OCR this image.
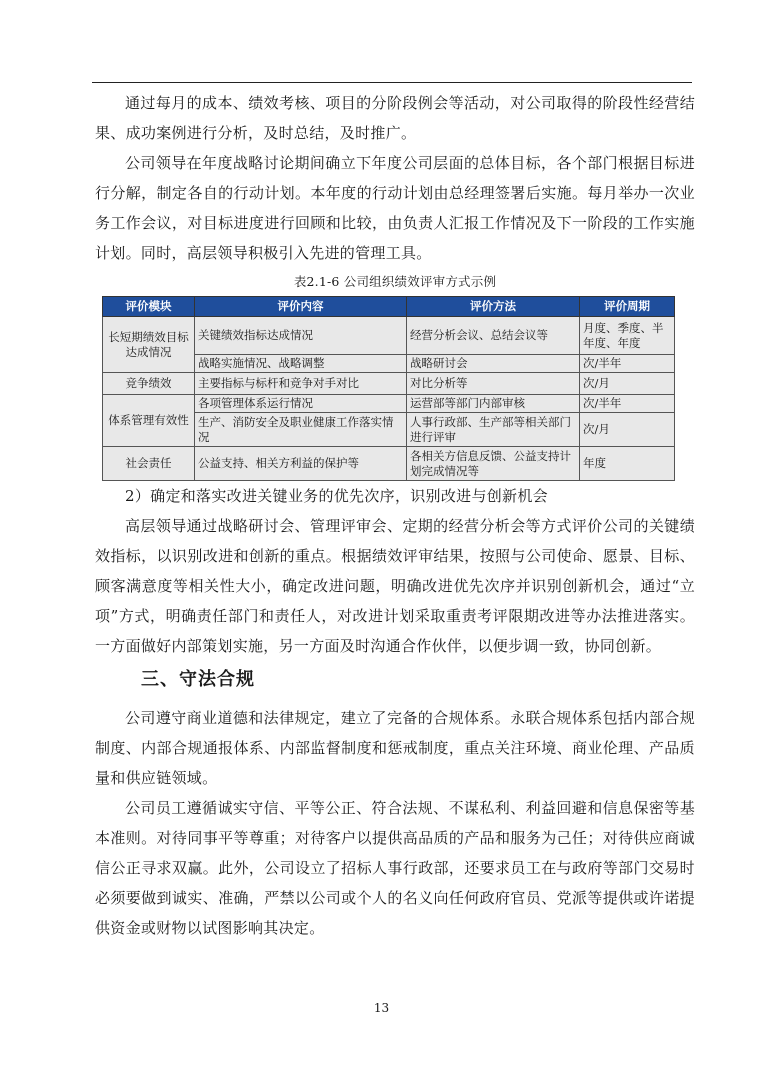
通过每月的成本、绩效考核、项目的分阶段例会等活动，对公司取得的阶段性经营结果、成功案例进行分析，及时总结，及时推广。

公司领导在年度战略讨论期间确立下年度公司层面的总体目标，各个部门根据目标进行分解，制定各自的行动计划。本年度的行动计划由总经理签署后实施。每月举办一次业务工作会议，对目标进度进行回顾和比较，由负责人汇报工作情况及下一阶段的工作实施计划。同时，高层领导积极引入先进的管理工具。

表2.1-6 公司组织绩效评审方式示例
评价模块	评价内容	评价方法	评价周期
长短期绩效目标达成情况	关键绩效指标达成情况	经营分析会议、总结会议等	月度、季度、半年度、年度
	战略实施情况、战略调整	战略研讨会	次/半年
竞争绩效	主要指标与标杆和竞争对手对比	对比分析等	次/月
体系管理有效性	各项管理体系运行情况	运营部等部门内部审核	次/半年
	生产、消防安全及职业健康工作落实情况	人事行政部、生产部等相关部门进行评审	次/月
社会责任	公益支持、相关方利益的保护等	各相关方信息反馈、公益支持计划完成情况等	年度

2）确定和落实改进关键业务的优先次序，识别改进与创新机会

高层领导通过战略研讨会、管理评审会、定期的经营分析会等方式评价公司的关键绩效指标，以识别改进和创新的重点。根据绩效评审结果，按照与公司使命、愿景、目标、顾客满意度等相关性大小，确定改进问题，明确改进优先次序并识别创新机会，通过“立项”方式，明确责任部门和责任人，对改进计划采取重责考评限期改进等办法推进落实。一方面做好内部策划实施，另一方面及时沟通合作伙伴，以便步调一致，协同创新。

三、守法合规

公司遵守商业道德和法律规定，建立了完备的合规体系。永联合规体系包括内部合规制度、内部合规通报体系、内部监督制度和惩戒制度，重点关注环境、商业伦理、产品质量和供应链领域。

公司员工遵循诚实守信、平等公正、符合法规、不谋私利、利益回避和信息保密等基本准则。对待同事平等尊重；对待客户以提供高品质的产品和服务为己任；对待供应商诚信公正寻求双赢。此外，公司设立了招标人事行政部，还要求员工在与政府等部门交易时必须要做到诚实、准确，严禁以公司或个人的名义向任何政府官员、党派等提供或许诺提供资金或财物以试图影响其决定。

13
